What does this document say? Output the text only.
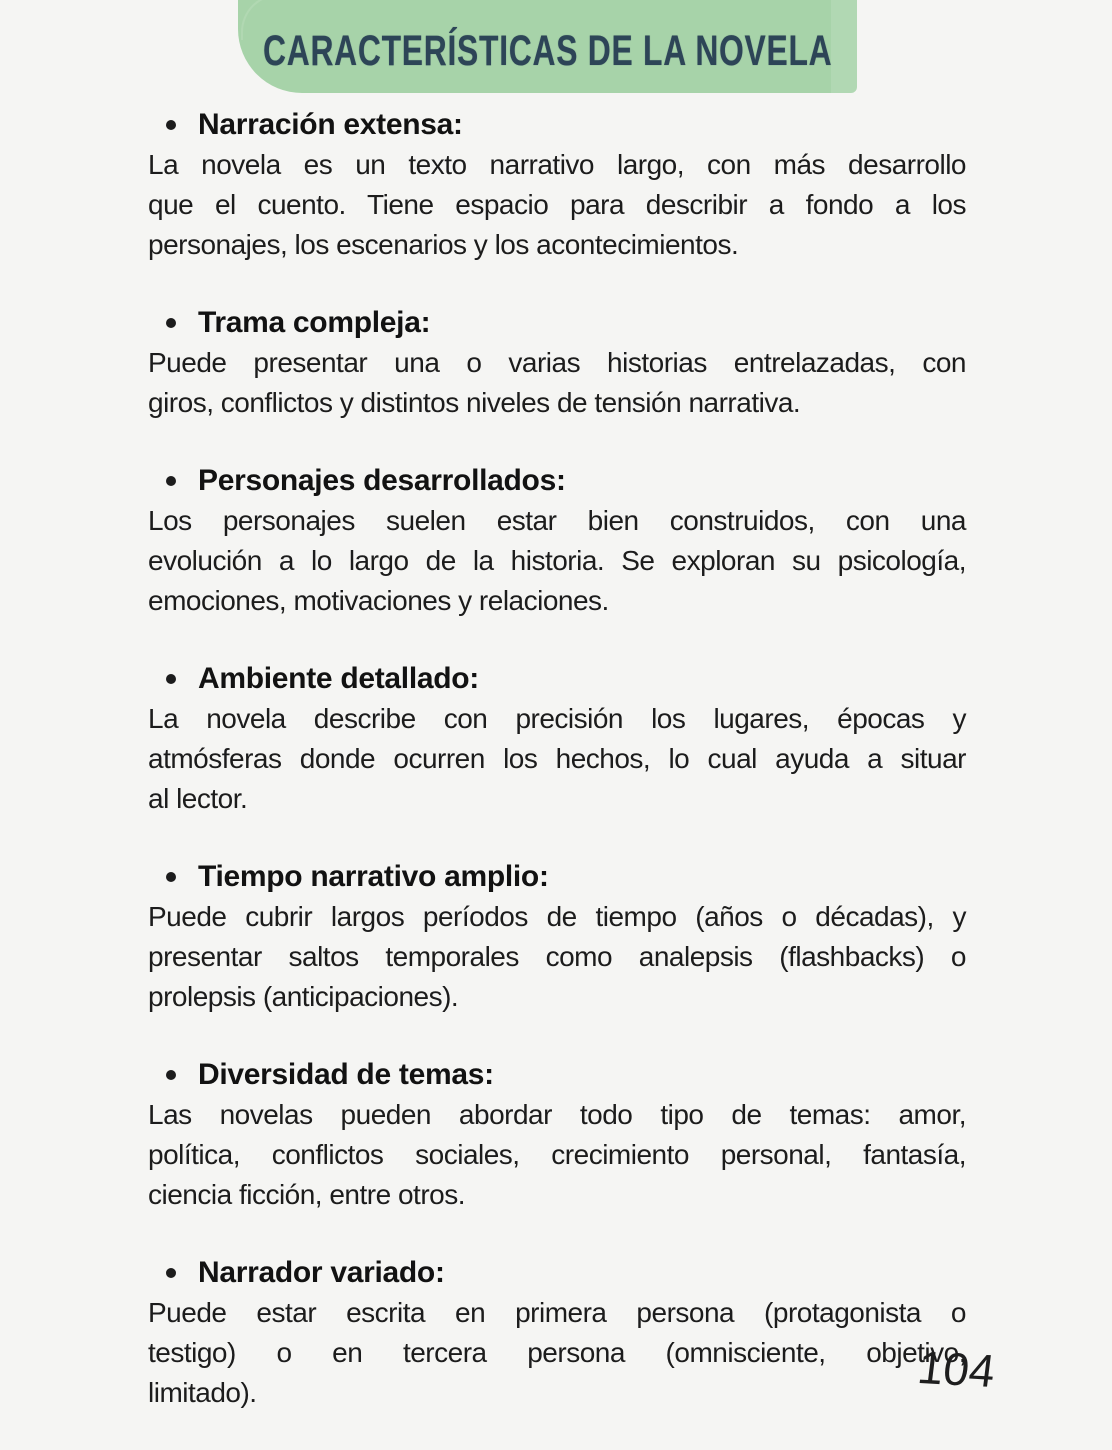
CARACTERÍSTICAS DE LA NOVELA
Narración extensa:
La novela es un texto narrativo largo, con más desarrollo
que el cuento. Tiene espacio para describir a fondo a los
personajes, los escenarios y los acontecimientos.
Trama compleja:
Puede presentar una o varias historias entrelazadas, con
giros, conflictos y distintos niveles de tensión narrativa.
Personajes desarrollados:
Los personajes suelen estar bien construidos, con una
evolución a lo largo de la historia. Se exploran su psicología,
emociones, motivaciones y relaciones.
Ambiente detallado:
La novela describe con precisión los lugares, épocas y
atmósferas donde ocurren los hechos, lo cual ayuda a situar
al lector.
Tiempo narrativo amplio:
Puede cubrir largos períodos de tiempo (años o décadas), y
presentar saltos temporales como analepsis (flashbacks) o
prolepsis (anticipaciones).
Diversidad de temas:
Las novelas pueden abordar todo tipo de temas: amor,
política, conflictos sociales, crecimiento personal, fantasía,
ciencia ficción, entre otros.
Narrador variado:
Puede estar escrita en primera persona (protagonista o
testigo) o en tercera persona (omnisciente, objetivo,
limitado).	104
